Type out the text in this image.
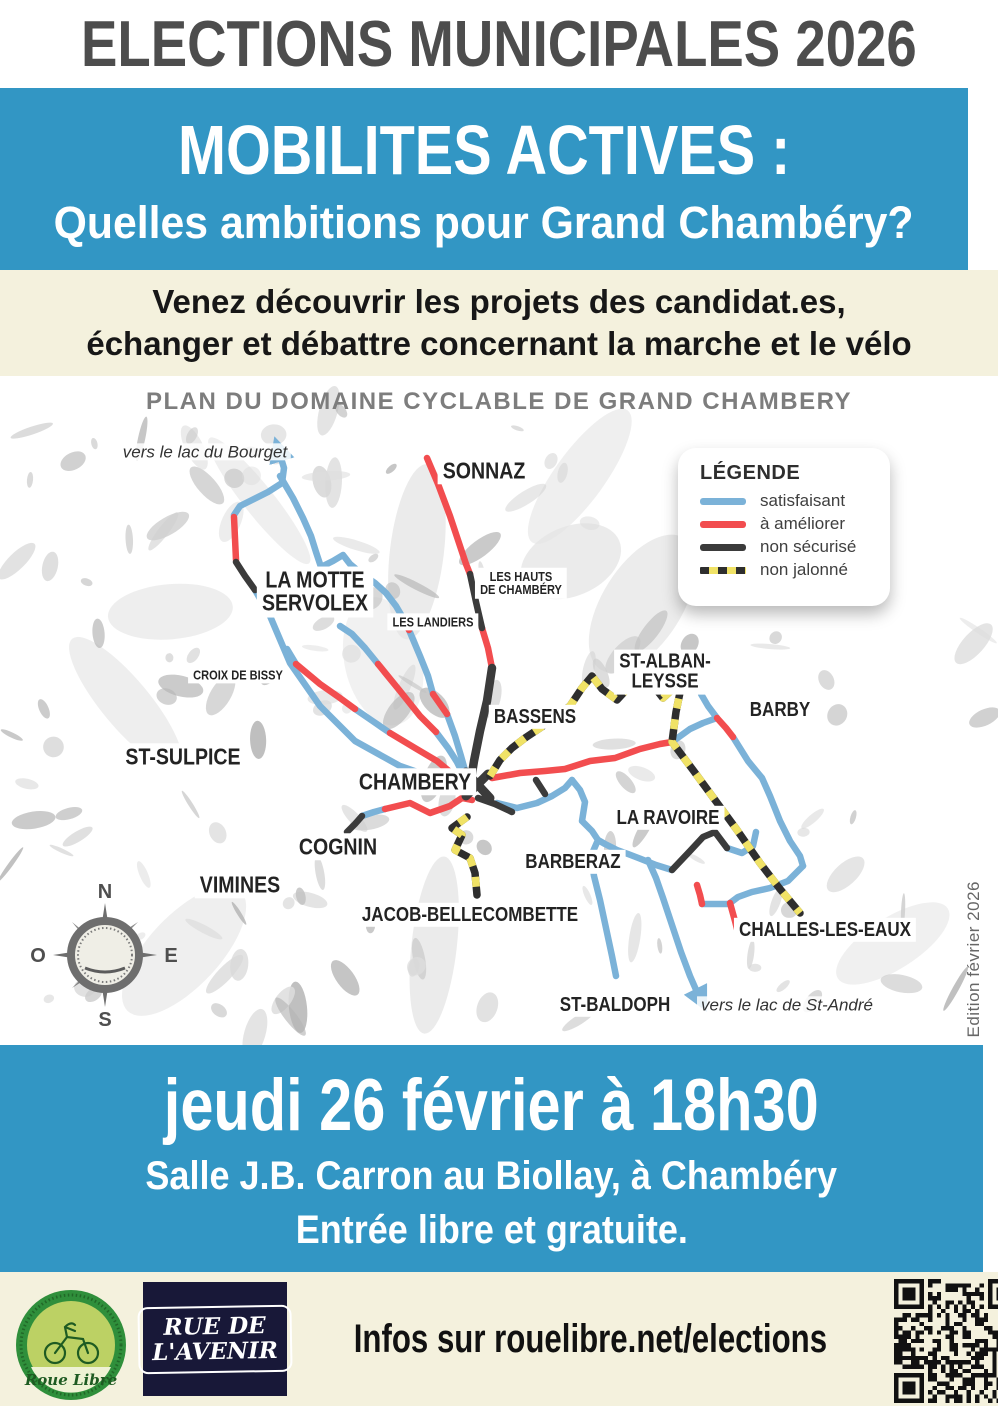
ELECTIONS MUNICIPALES 2026
MOBILITES ACTIVES :
Quelles ambitions pour Grand Chambéry?

Venez découvrir les projets des candidat.es,

échanger et débattre concernant la marche et le vélo

PLAN DU DOMAINE CYCLABLE DE GRAND CHAMBERY
vers le lac du Bourget
SONNAZ
LA MOTTE
SERVOLEX
LES HAUTS
DE CHAMBÉRY
LES LANDIERS
CROIX DE BISSY
ST-SULPICE
CHAMBERY
COGNIN
VIMINES
BASSENS
ST-ALBAN-
LEYSSE
BARBY
LA RAVOIRE
BARBERAZ
JACOB-BELLECOMBETTE
CHALLES-LES-EAUX
ST-BALDOPH vers le lac de St-André
LÉGENDE
satisfaisant
à améliorer
non sécurisé
non jalonné
N
S
E
O	Edition février 2026

jeudi 26 février à 18h30

Salle J.B. Carron au Biollay, à Chambéry

Entrée libre et gratuite.

Roue Libre
RUE DE
L'AVENIR	Infos sur rouelibre.net/elections
